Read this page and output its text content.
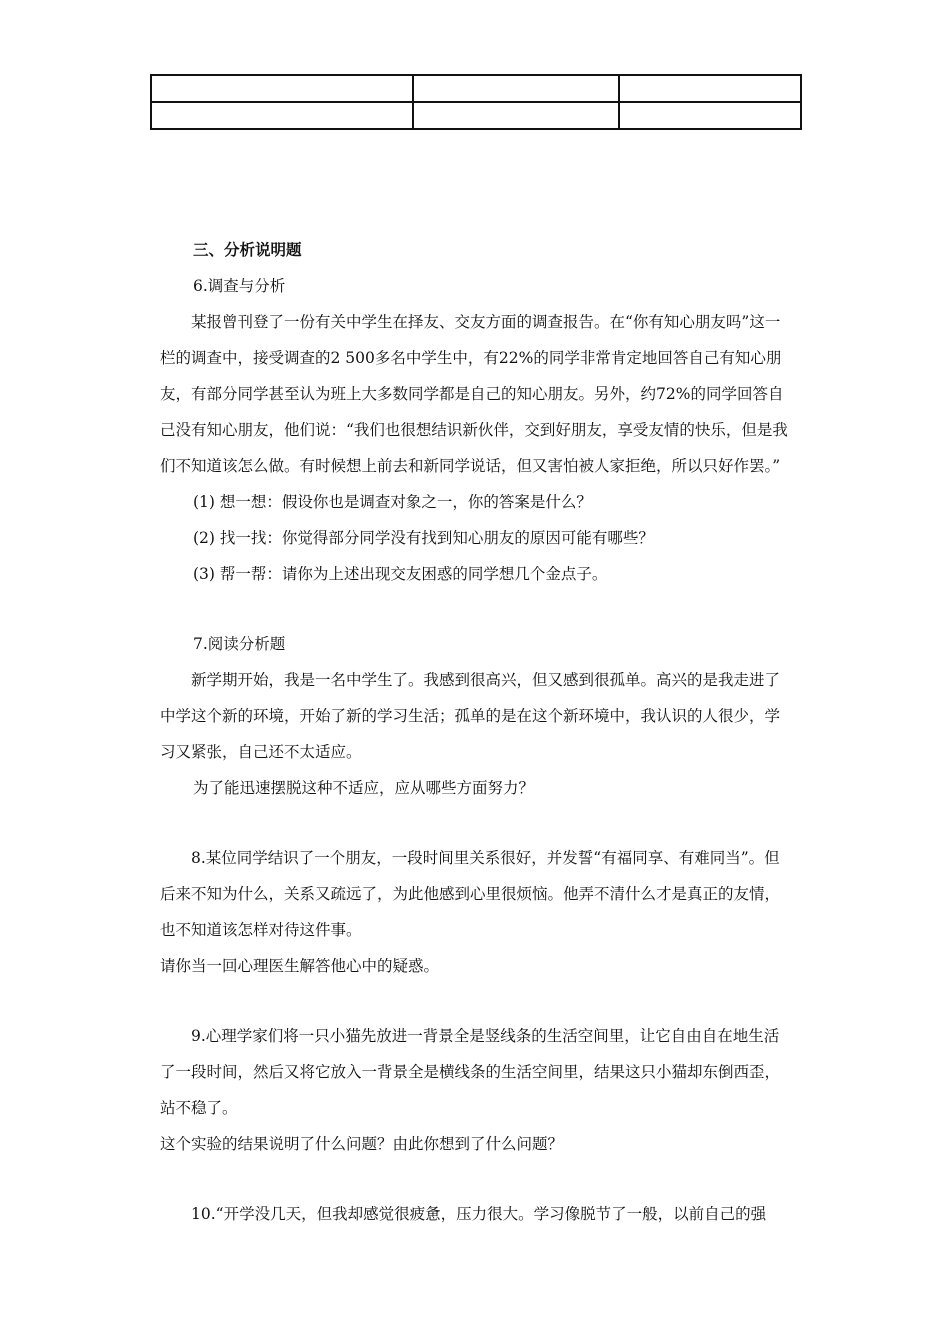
三、分析说明题

6.调查与分析

某报曾刊登了一份有关中学生在择友、交友方面的调查报告。在“你有知心朋友吗”这一栏的调查中，接受调查的2 500多名中学生中，有22%的同学非常肯定地回答自己有知心朋友，有部分同学甚至认为班上大多数同学都是自己的知心朋友。另外，约72%的同学回答自己没有知心朋友，他们说：“我们也很想结识新伙伴，交到好朋友，享受友情的快乐，但是我们不知道该怎么做。有时候想上前去和新同学说话，但又害怕被人家拒绝，所以只好作罢。”

(1) 想一想：假设你也是调查对象之一，你的答案是什么？

(2) 找一找：你觉得部分同学没有找到知心朋友的原因可能有哪些？

(3) 帮一帮：请你为上述出现交友困惑的同学想几个金点子。

7.阅读分析题

新学期开始，我是一名中学生了。我感到很高兴，但又感到很孤单。高兴的是我走进了中学这个新的环境，开始了新的学习生活；孤单的是在这个新环境中，我认识的人很少，学习又紧张，自己还不太适应。

为了能迅速摆脱这种不适应，应从哪些方面努力？

8.某位同学结识了一个朋友，一段时间里关系很好，并发誓“有福同享、有难同当”。但后来不知为什么，关系又疏远了，为此他感到心里很烦恼。他弄不清什么才是真正的友情，也不知道该怎样对待这件事。

请你当一回心理医生解答他心中的疑惑。

9.心理学家们将一只小猫先放进一背景全是竖线条的生活空间里，让它自由自在地生活了一段时间，然后又将它放入一背景全是横线条的生活空间里，结果这只小猫却东倒西歪，站不稳了。

这个实验的结果说明了什么问题？由此你想到了什么问题？

10.“开学没几天，但我却感觉很疲惫，压力很大。学习像脱节了一般，以前自己的强
